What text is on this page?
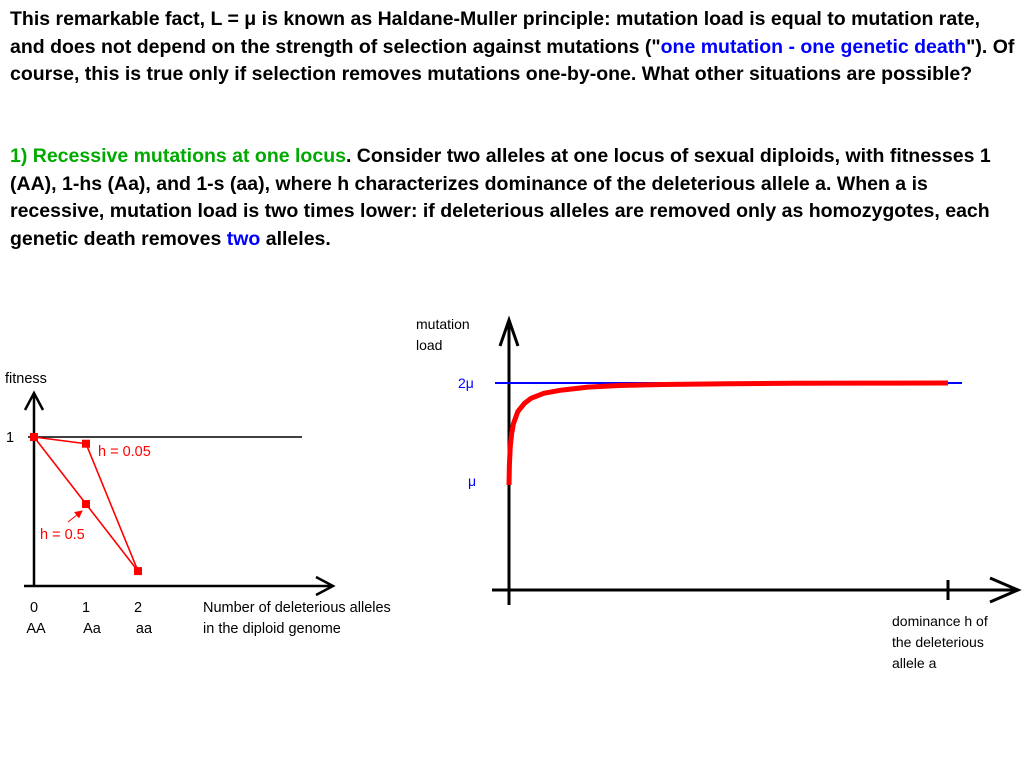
This remarkable fact, L = μ is known as Haldane-Muller principle: mutation load is equal to mutation rate, and does not depend on the strength of selection against mutations ("one mutation - one genetic death"). Of course, this is true only if selection removes mutations one-by-one. What other situations are possible?

1) Recessive mutations at one locus. Consider two alleles at one locus of sexual diploids, with fitnesses 1 (AA), 1-hs (Aa), and 1-s (aa), where h characterizes dominance of the deleterious allele a. When a is recessive, mutation load is two times lower: if deleterious alleles are removed only as homozygotes, each genetic death removes two alleles.

fitness
1
0
AA
1
Aa
2
aa
Number of deleterious alleles
in the diploid genome
h = 0.05
h = 0.5
mutation
load
2μ
μ
dominance h of
the deleterious
allele a
